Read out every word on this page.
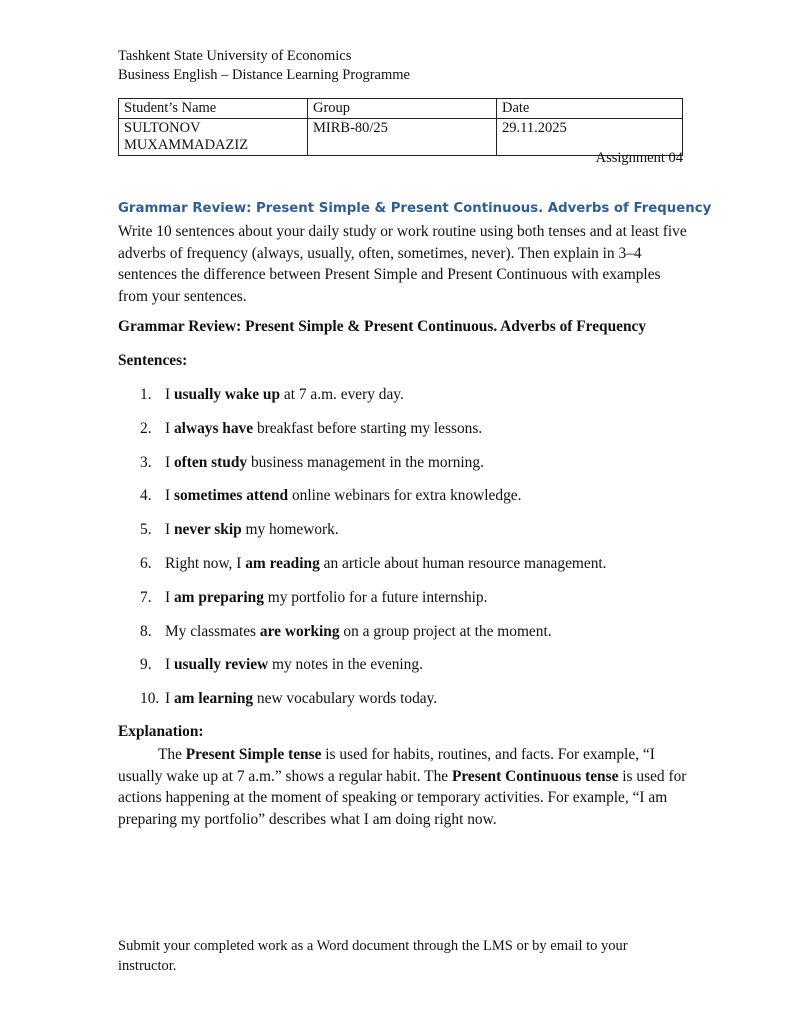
Tashkent State University of Economics
Business English – Distance Learning Programme
Student’s Name	Group	Date
SULTONOV MUXAMMADAZIZ	MIRB-80/25	29.11.2025
Assignment 04
Grammar Review: Present Simple & Present Continuous. Adverbs of Frequency
Write 10 sentences about your daily study or work routine using both tenses and at least five adverbs of frequency (always, usually, often, sometimes, never). Then explain in 3–4 sentences the difference between Present Simple and Present Continuous with examples from your sentences.
Grammar Review: Present Simple & Present Continuous. Adverbs of Frequency
Sentences:
1. I usually wake up at 7 a.m. every day.
2. I always have breakfast before starting my lessons.
3. I often study business management in the morning.
4. I sometimes attend online webinars for extra knowledge.
5. I never skip my homework.
6. Right now, I am reading an article about human resource management.
7. I am preparing my portfolio for a future internship.
8. My classmates are working on a group project at the moment.
9. I usually review my notes in the evening.
10. I am learning new vocabulary words today.
Explanation:
The Present Simple tense is used for habits, routines, and facts. For example, “I usually wake up at 7 a.m.” shows a regular habit. The Present Continuous tense is used for actions happening at the moment of speaking or temporary activities. For example, “I am preparing my portfolio” describes what I am doing right now.
Submit your completed work as a Word document through the LMS or by email to your instructor.
